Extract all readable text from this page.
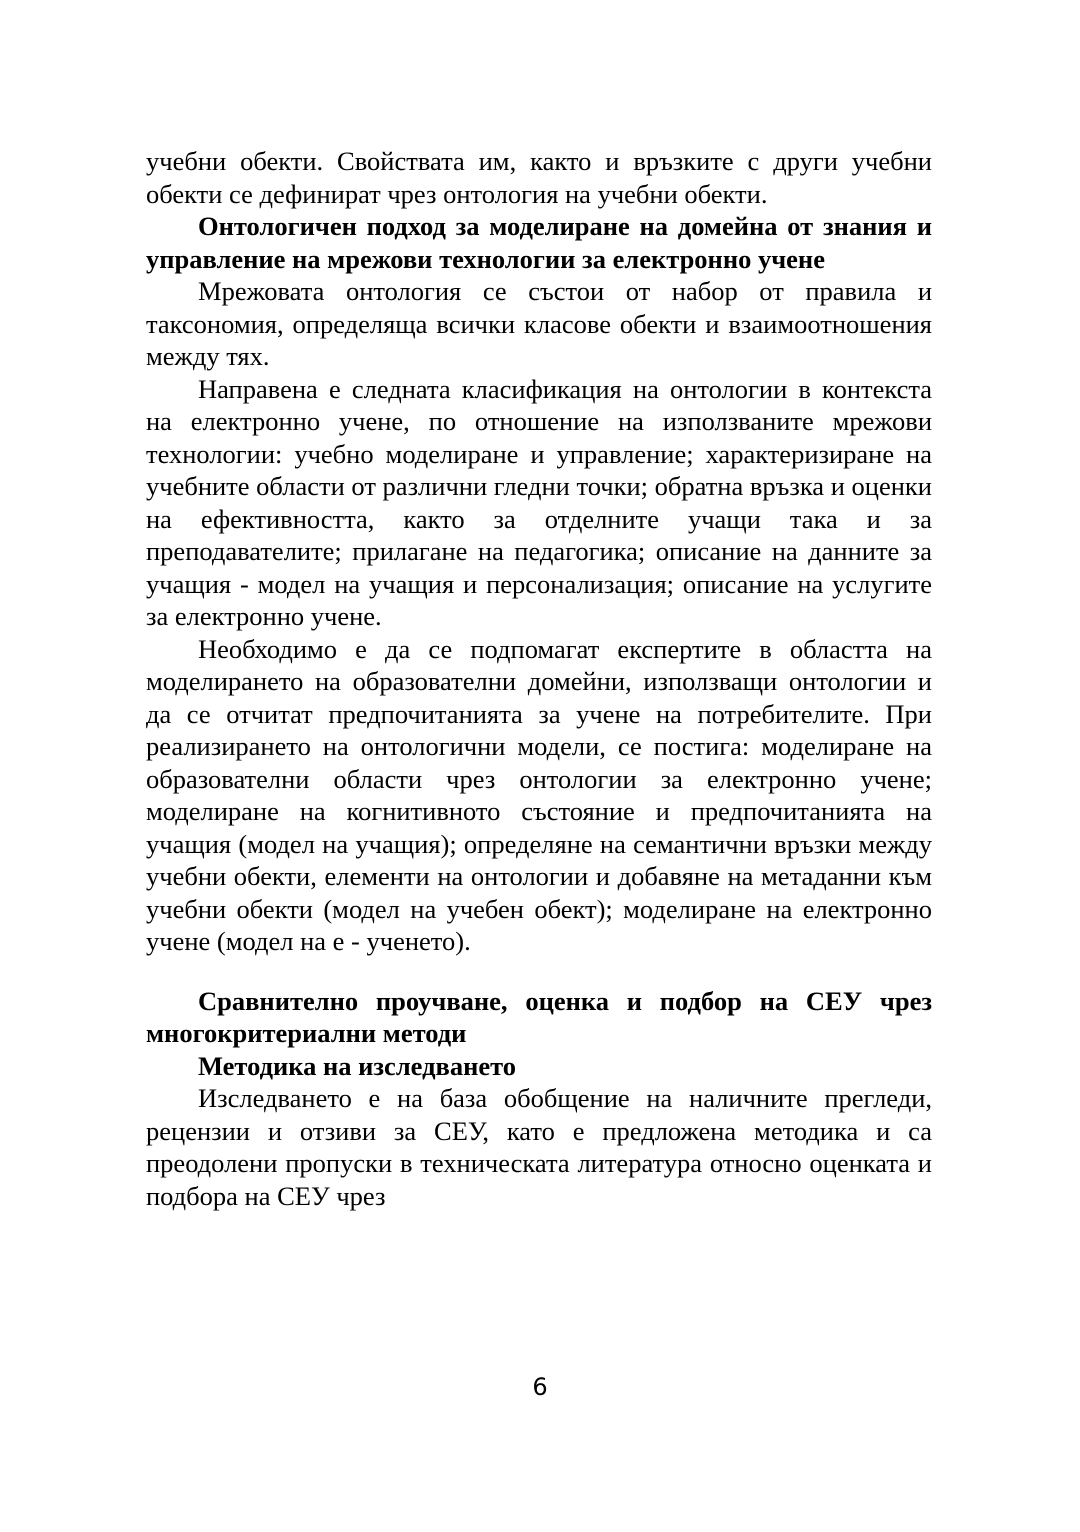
учебни обекти. Свойствата им, както и връзките с други учебни обекти се дефинират чрез онтология на учебни обекти.

Онтологичен подход за моделиране на домейна от знания и управление на мрежови технологии за електронно учене

Мрежовата онтология се състои от набор от правила и таксономия, определяща всички класове обекти и взаимоотношения между тях.

Направена е следната класификация на онтологии в контекста на електронно учене, по отношение на използваните мрежови технологии: учебно моделиране и управление; характеризиране на учебните области от различни гледни точки; обратна връзка и оценки на ефективността, както за отделните учащи така и за преподавателите; прилагане на педагогика; описание на данните за учащия - модел на учащия и персонализация; описание на услугите за електронно учене.

Необходимо е да се подпомагат експертите в областта на моделирането на образователни домейни, използващи онтологии и да се отчитат предпочитанията за учене на потребителите. При реализирането на онтологични модели, се постига: моделиране на образователни области чрез онтологии за електронно учене; моделиране на когнитивното състояние и предпочитанията на учащия (модел на учащия); определяне на семантични връзки между учебни обекти, елементи на онтологии и добавяне на метаданни към учебни обекти (модел на учебен обект); моделиране на електронно учене (модел на е - ученето).

Сравнително проучване, оценка и подбор на СЕУ чрез многокритериални методи

Методика на изследването

Изследването е на база обобщение на наличните прегледи, рецензии и отзиви за СЕУ, като е предложена методика и са преодолени пропуски в техническата литература относно оценката и подбора на СЕУ чрез

6
